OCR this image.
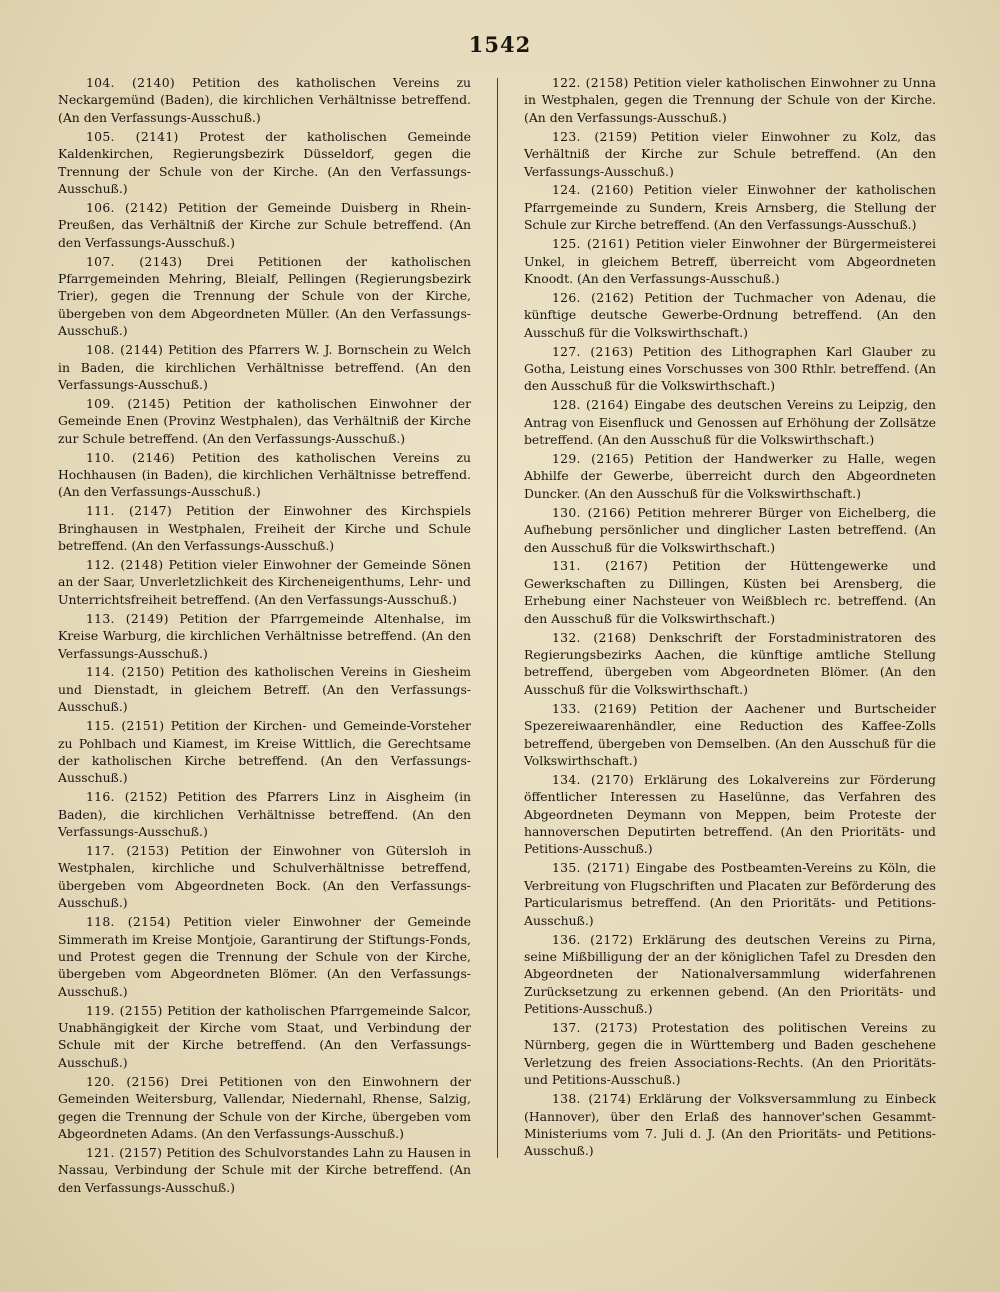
1542

104. (2140) Petition des katholischen Vereins zu Neckargemünd (Baden), die kirchlichen Verhältnisse betreffend. (An den Verfassungs-Ausschuß.)

105. (2141) Protest der katholischen Gemeinde Kaldenkirchen, Regierungsbezirk Düsseldorf, gegen die Trennung der Schule von der Kirche. (An den Verfassungs-Ausschuß.)

106. (2142) Petition der Gemeinde Duisberg in Rhein-Preußen, das Verhältniß der Kirche zur Schule betreffend. (An den Verfassungs-Ausschuß.)

107. (2143) Drei Petitionen der katholischen Pfarrgemeinden Mehring, Bleialf, Pellingen (Regierungsbezirk Trier), gegen die Trennung der Schule von der Kirche, übergeben von dem Abgeordneten Müller. (An den Verfassungs-Ausschuß.)

108. (2144) Petition des Pfarrers W. J. Bornschein zu Welch in Baden, die kirchlichen Verhältnisse betreffend. (An den Verfassungs-Ausschuß.)

109. (2145) Petition der katholischen Einwohner der Gemeinde Enen (Provinz Westphalen), das Verhältniß der Kirche zur Schule betreffend. (An den Verfassungs-Ausschuß.)

110. (2146) Petition des katholischen Vereins zu Hochhausen (in Baden), die kirchlichen Verhältnisse betreffend. (An den Verfassungs-Ausschuß.)

111. (2147) Petition der Einwohner des Kirchspiels Bringhausen in Westphalen, Freiheit der Kirche und Schule betreffend. (An den Verfassungs-Ausschuß.)

112. (2148) Petition vieler Einwohner der Gemeinde Sönen an der Saar, Unverletzlichkeit des Kircheneigenthums, Lehr- und Unterrichtsfreiheit betreffend. (An den Verfassungs-Ausschuß.)

113. (2149) Petition der Pfarrgemeinde Altenhalse, im Kreise Warburg, die kirchlichen Verhältnisse betreffend. (An den Verfassungs-Ausschuß.)

114. (2150) Petition des katholischen Vereins in Giesheim und Dienstadt, in gleichem Betreff. (An den Verfassungs-Ausschuß.)

115. (2151) Petition der Kirchen- und Gemeinde-Vorsteher zu Pohlbach und Kiamest, im Kreise Wittlich, die Gerechtsame der katholischen Kirche betreffend. (An den Verfassungs-Ausschuß.)

116. (2152) Petition des Pfarrers Linz in Aisgheim (in Baden), die kirchlichen Verhältnisse betreffend. (An den Verfassungs-Ausschuß.)

117. (2153) Petition der Einwohner von Gütersloh in Westphalen, kirchliche und Schulverhältnisse betreffend, übergeben vom Abgeordneten Bock. (An den Verfassungs-Ausschuß.)

118. (2154) Petition vieler Einwohner der Gemeinde Simmerath im Kreise Montjoie, Garantirung der Stiftungs-Fonds, und Protest gegen die Trennung der Schule von der Kirche, übergeben vom Abgeordneten Blömer. (An den Verfassungs-Ausschuß.)

119. (2155) Petition der katholischen Pfarrgemeinde Salcor, Unabhängigkeit der Kirche vom Staat, und Verbindung der Schule mit der Kirche betreffend. (An den Verfassungs-Ausschuß.)

120. (2156) Drei Petitionen von den Einwohnern der Gemeinden Weitersburg, Vallendar, Niedernahl, Rhense, Salzig, gegen die Trennung der Schule von der Kirche, übergeben vom Abgeordneten Adams. (An den Verfassungs-Ausschuß.)

121. (2157) Petition des Schulvorstandes Lahn zu Hausen in Nassau, Verbindung der Schule mit der Kirche betreffend. (An den Verfassungs-Ausschuß.)

122. (2158) Petition vieler katholischen Einwohner zu Unna in Westphalen, gegen die Trennung der Schule von der Kirche. (An den Verfassungs-Ausschuß.)

123. (2159) Petition vieler Einwohner zu Kolz, das Verhältniß der Kirche zur Schule betreffend. (An den Verfassungs-Ausschuß.)

124. (2160) Petition vieler Einwohner der katholischen Pfarrgemeinde zu Sundern, Kreis Arnsberg, die Stellung der Schule zur Kirche betreffend. (An den Verfassungs-Ausschuß.)

125. (2161) Petition vieler Einwohner der Bürgermeisterei Unkel, in gleichem Betreff, überreicht vom Abgeordneten Knoodt. (An den Verfassungs-Ausschuß.)

126. (2162) Petition der Tuchmacher von Adenau, die künftige deutsche Gewerbe-Ordnung betreffend. (An den Ausschuß für die Volkswirthschaft.)

127. (2163) Petition des Lithographen Karl Glauber zu Gotha, Leistung eines Vorschusses von 300 Rthlr. betreffend. (An den Ausschuß für die Volkswirthschaft.)

128. (2164) Eingabe des deutschen Vereins zu Leipzig, den Antrag von Eisenfluck und Genossen auf Erhöhung der Zollsätze betreffend. (An den Ausschuß für die Volkswirthschaft.)

129. (2165) Petition der Handwerker zu Halle, wegen Abhilfe der Gewerbe, überreicht durch den Abgeordneten Duncker. (An den Ausschuß für die Volkswirthschaft.)

130. (2166) Petition mehrerer Bürger von Eichelberg, die Aufhebung persönlicher und dinglicher Lasten betreffend. (An den Ausschuß für die Volkswirthschaft.)

131. (2167) Petition der Hüttengewerke und Gewerkschaften zu Dillingen, Küsten bei Arensberg, die Erhebung einer Nachsteuer von Weißblech rc. betreffend. (An den Ausschuß für die Volkswirthschaft.)

132. (2168) Denkschrift der Forstadministratoren des Regierungsbezirks Aachen, die künftige amtliche Stellung betreffend, übergeben vom Abgeordneten Blömer. (An den Ausschuß für die Volkswirthschaft.)

133. (2169) Petition der Aachener und Burtscheider Spezereiwaarenhändler, eine Reduction des Kaffee-Zolls betreffend, übergeben von Demselben. (An den Ausschuß für die Volkswirthschaft.)

134. (2170) Erklärung des Lokalvereins zur Förderung öffentlicher Interessen zu Haselünne, das Verfahren des Abgeordneten Deymann von Meppen, beim Proteste der hannoverschen Deputirten betreffend. (An den Prioritäts- und Petitions-Ausschuß.)

135. (2171) Eingabe des Postbeamten-Vereins zu Köln, die Verbreitung von Flugschriften und Placaten zur Beförderung des Particularismus betreffend. (An den Prioritäts- und Petitions-Ausschuß.)

136. (2172) Erklärung des deutschen Vereins zu Pirna, seine Mißbilligung der an der königlichen Tafel zu Dresden den Abgeordneten der Nationalversammlung widerfahrenen Zurücksetzung zu erkennen gebend. (An den Prioritäts- und Petitions-Ausschuß.)

137. (2173) Protestation des politischen Vereins zu Nürnberg, gegen die in Württemberg und Baden geschehene Verletzung des freien Associations-Rechts. (An den Prioritäts- und Petitions-Ausschuß.)

138. (2174) Erklärung der Volksversammlung zu Einbeck (Hannover), über den Erlaß des hannover'schen Gesammt-Ministeriums vom 7. Juli d. J. (An den Prioritäts- und Petitions-Ausschuß.)
